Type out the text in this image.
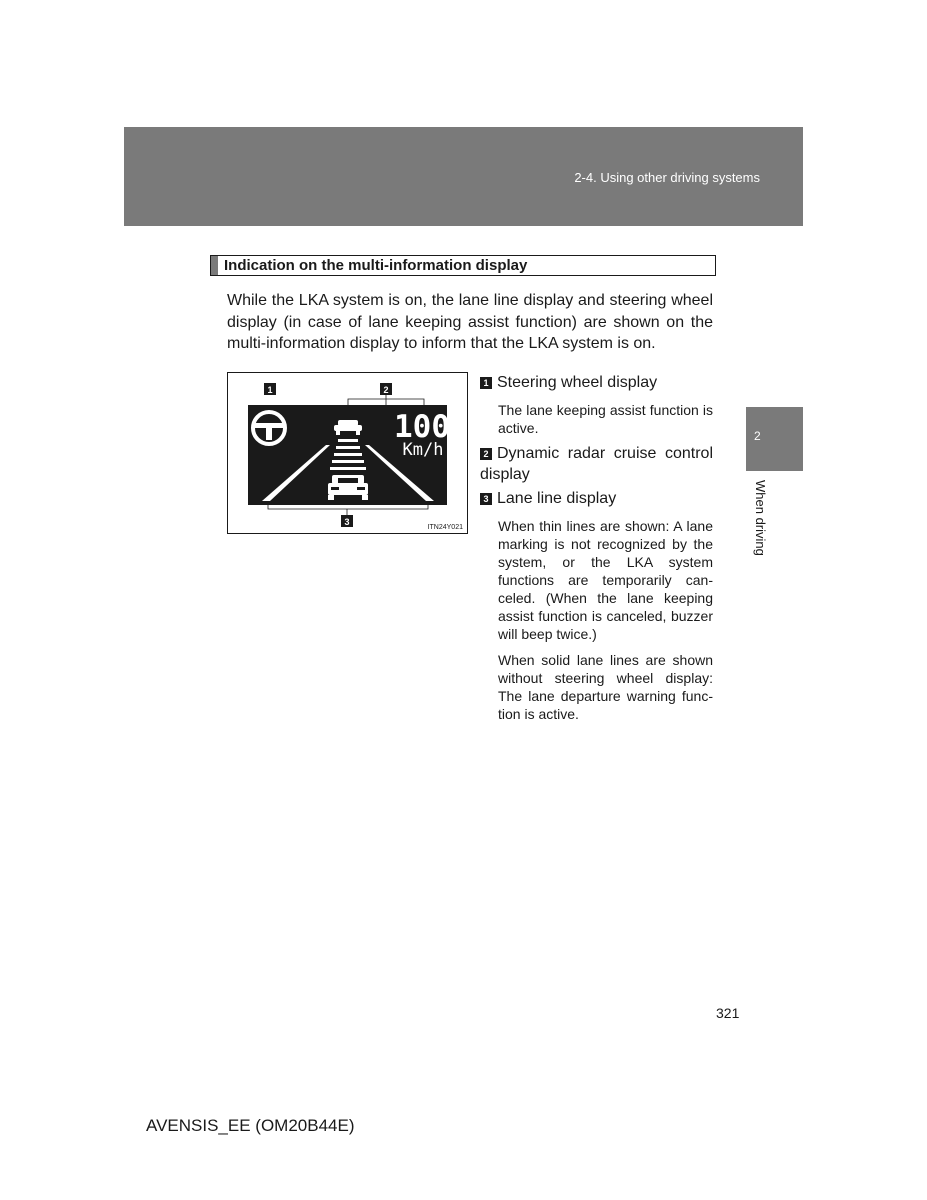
2-4. Using other driving systems
2
When driving
Indication on the multi-information display
While the LKA system is on, the lane line display and steering wheel display (in case of lane keeping assist function) are shown on the multi-information display to inform that the LKA system is on.
1	2
100
Km/h
3
ITN24Y021
1 Steering wheel display
The lane keeping assist function is active.
2 Dynamic radar cruise control display
3 Lane line display
When thin lines are shown: A lane marking is not recognized by the system, or the LKA system functions are temporarily can-celed. (When the lane keeping assist function is canceled, buzzer will beep twice.)
When solid lane lines are shown without steering wheel display: The lane departure warning func-tion is active.
321
AVENSIS_EE (OM20B44E)
